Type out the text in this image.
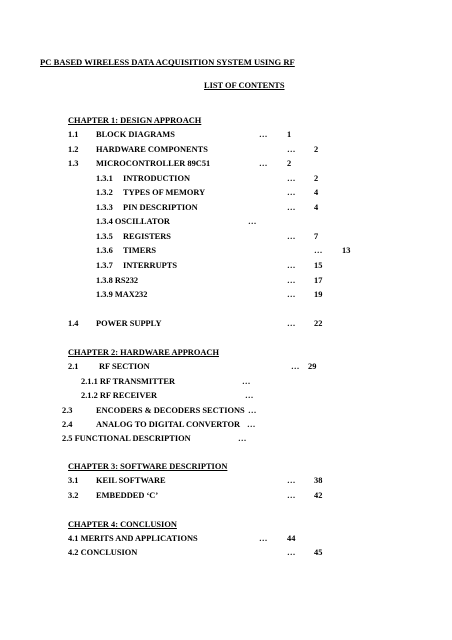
PC BASED WIRELESS DATA ACQUISITION SYSTEM USING RF
LIST OF CONTENTS
CHAPTER 1: DESIGN APPROACH
1.1 BLOCK DIAGRAMS	… 1
1.2 HARDWARE COMPONENTS	… 2
1.3 MICROCONTROLLER 89C51	… 2
1.3.1 INTRODUCTION	… 2
1.3.2 TYPES OF MEMORY	… 4
1.3.3 PIN DESCRIPTION	… 4
1.3.4 OSCILLATOR	…
1.3.5 REGISTERS	… 7
1.3.6 TIMERS	… 13
1.3.7 INTERRUPTS	… 15
1.3.8 RS232	… 17
1.3.9 MAX232	… 19
1.4 POWER SUPPLY	… 22
CHAPTER 2: HARDWARE APPROACH
2.1 RF SECTION	… 29
2.1.1 RF TRANSMITTER	…
2.1.2 RF RECEIVER	…
2.3	ENCODERS & DECODERS SECTIONS …
2.4	ANALOG TO DIGITAL CONVERTOR …
2.5 FUNCTIONAL DESCRIPTION	…
CHAPTER 3: SOFTWARE DESCRIPTION
3.1 KEIL SOFTWARE	… 38
3.2 EMBEDDED ‘C’	… 42
CHAPTER 4: CONCLUSION
4.1 MERITS AND APPLICATIONS	… 44
4.2 CONCLUSION	… 45
